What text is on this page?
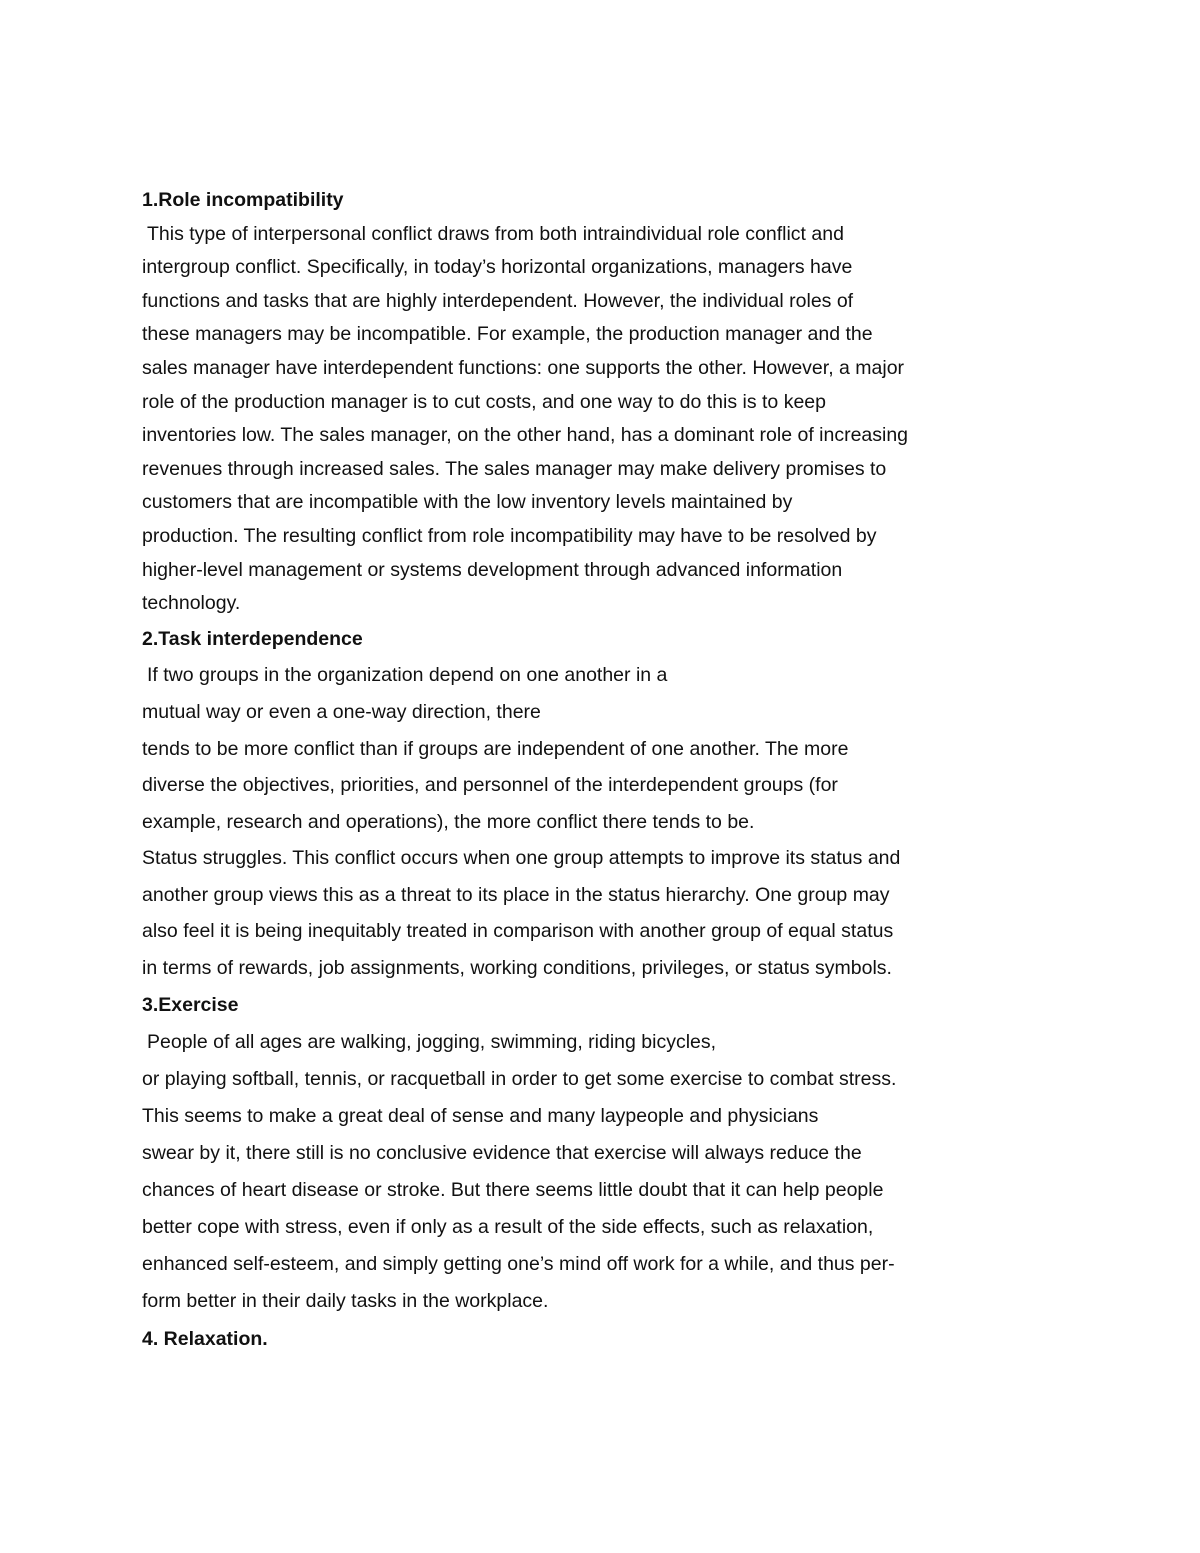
1.Role incompatibility
This type of interpersonal conflict draws from both intraindividual role conflict and
intergroup conflict. Specifically, in today’s horizontal organizations, managers have
functions and tasks that are highly interdependent. However, the individual roles of
these managers may be incompatible. For example, the production manager and the
sales manager have interdependent functions: one supports the other. However, a major
role of the production manager is to cut costs, and one way to do this is to keep
inventories low. The sales manager, on the other hand, has a dominant role of increasing
revenues through increased sales. The sales manager may make delivery promises to
customers that are incompatible with the low inventory levels maintained by
production. The resulting conflict from role incompatibility may have to be resolved by
higher-level management or systems development through advanced information
technology.
2.Task interdependence
If two groups in the organization depend on one another in a
mutual way or even a one-way direction, there
tends to be more conflict than if groups are independent of one another. The more
diverse the objectives, priorities, and personnel of the interdependent groups (for
example, research and operations), the more conflict there tends to be.
Status struggles. This conflict occurs when one group attempts to improve its status and
another group views this as a threat to its place in the status hierarchy. One group may
also feel it is being inequitably treated in comparison with another group of equal status
in terms of rewards, job assignments, working conditions, privileges, or status symbols.
3.Exercise
People of all ages are walking, jogging, swimming, riding bicycles,
or playing softball, tennis, or racquetball in order to get some exercise to combat stress.
This seems to make a great deal of sense and many laypeople and physicians
swear by it, there still is no conclusive evidence that exercise will always reduce the
chances of heart disease or stroke. But there seems little doubt that it can help people
better cope with stress, even if only as a result of the side effects, such as relaxation,
enhanced self-esteem, and simply getting one’s mind off work for a while, and thus per-
form better in their daily tasks in the workplace.
4. Relaxation.
